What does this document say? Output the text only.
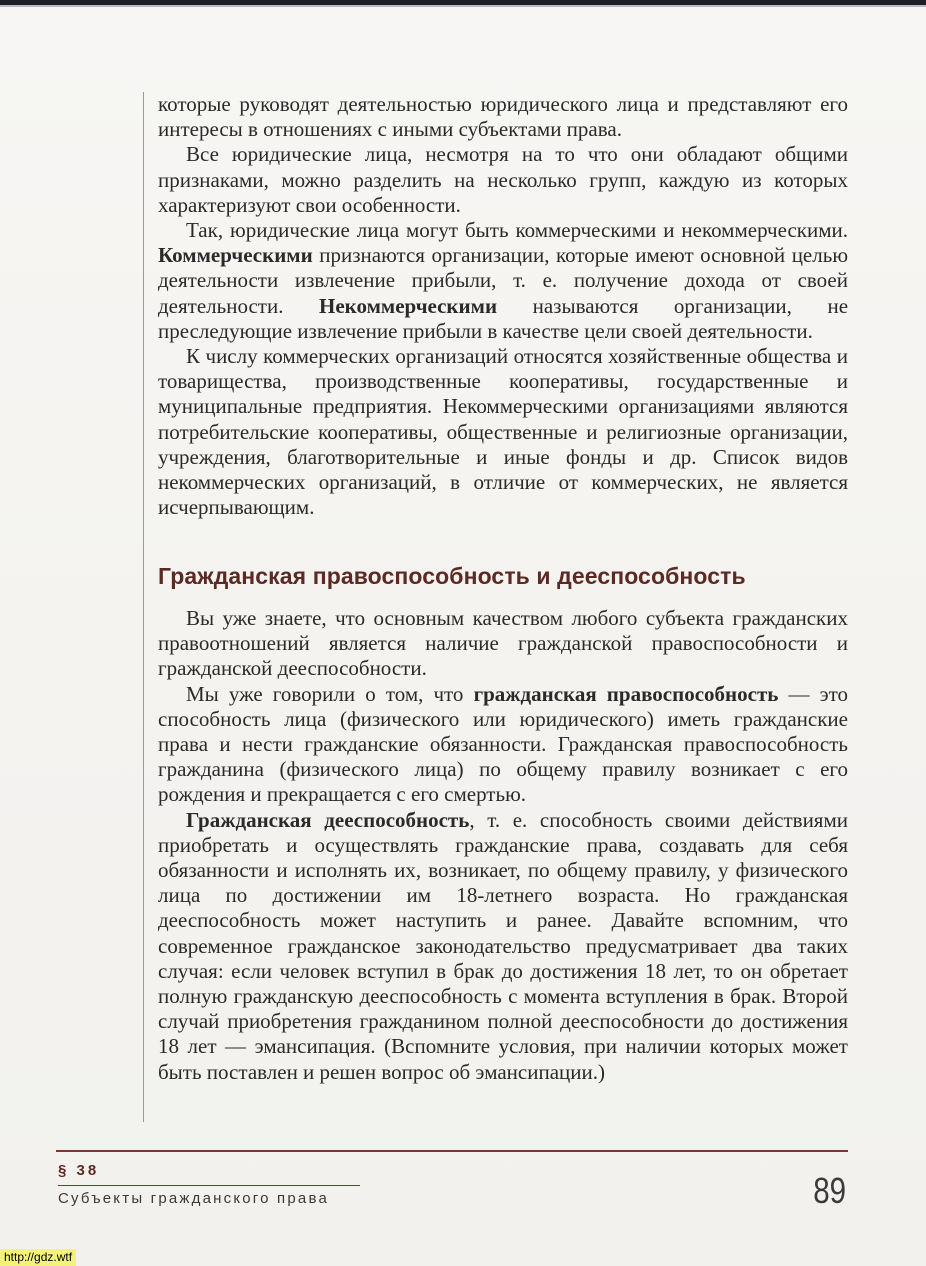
которые руководят деятельностью юридического лица и представляют его интересы в отношениях с иными субъектами права.

Все юридические лица, несмотря на то что они обладают общими признаками, можно разделить на несколько групп, каждую из которых характеризуют свои особенности.

Так, юридические лица могут быть коммерческими и некоммерческими. Коммерческими признаются организации, которые имеют основной целью деятельности извлечение прибыли, т. е. получение дохода от своей деятельности. Некоммерческими называются организации, не преследующие извлечение прибыли в качестве цели своей деятельности.

К числу коммерческих организаций относятся хозяйственные общества и товарищества, производственные кооперативы, государственные и муниципальные предприятия. Некоммерческими организациями являются потребительские кооперативы, общественные и религиозные организации, учреждения, благотворительные и иные фонды и др. Список видов некоммерческих организаций, в отличие от коммерческих, не является исчерпывающим.

Гражданская правоспособность и дееспособность

Вы уже знаете, что основным качеством любого субъекта гражданских правоотношений является наличие гражданской правоспособности и гражданской дееспособности.

Мы уже говорили о том, что гражданская правоспособность — это способность лица (физического или юридического) иметь гражданские права и нести гражданские обязанности. Гражданская правоспособность гражданина (физического лица) по общему правилу возникает с его рождения и прекращается с его смертью.

Гражданская дееспособность, т. е. способность своими действиями приобретать и осуществлять гражданские права, создавать для себя обязанности и исполнять их, возникает, по общему правилу, у физического лица по достижении им 18-летнего возраста. Но гражданская дееспособность может наступить и ранее. Давайте вспомним, что современное гражданское законодательство предусматривает два таких случая: если человек вступил в брак до достижения 18 лет, то он обретает полную гражданскую дееспособность с момента вступления в брак. Второй случай приобретения гражданином полной дееспособности до достижения 18 лет — эмансипация. (Вспомните условия, при наличии которых может быть поставлен и решен вопрос об эмансипации.)

§ 38
Субъекты гражданского права	89
http://gdz.wtf
